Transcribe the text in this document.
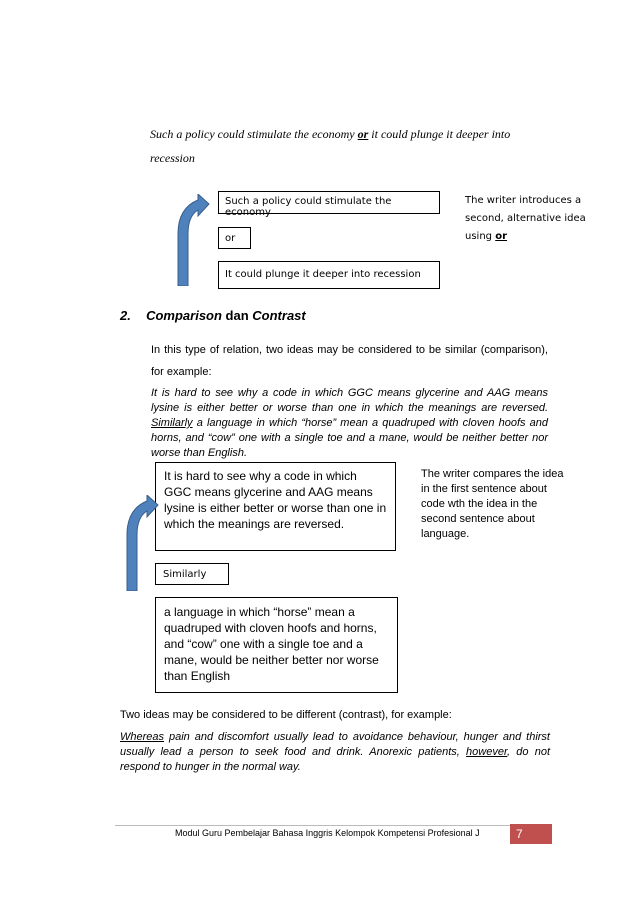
Such a policy could stimulate the economy or it could plunge it deeper into
recession
Such a policy could stimulate the economy
or
It could plunge it deeper into recession
The writer introduces a second, alternative idea using or
2. Comparison dan Contrast
In this type of relation, two ideas may be considered to be similar (comparison), for example:
It is hard to see why a code in which GGC means glycerine and AAG means lysine is either better or worse than one in which the meanings are reversed. Similarly a language in which “horse” mean a quadruped with cloven hoofs and horns, and “cow” one with a single toe and a mane, would be neither better nor worse than English.
It is hard to see why a code in which GGC means glycerine and AAG means lysine is either better or worse than one in which the meanings are reversed.
Similarly
a language in which “horse” mean a quadruped with cloven hoofs and horns, and “cow” one with a single toe and a mane, would be neither better nor worse than English
The writer compares the idea in the first sentence about code wth the idea in the second sentence about language.
Two ideas may be considered to be different (contrast), for example:
Whereas pain and discomfort usually lead to avoidance behaviour, hunger and thirst usually lead a person to seek food and drink. Anorexic patients, however, do not respond to hunger in the normal way.
Modul Guru Pembelajar Bahasa Inggris Kelompok Kompetensi Profesional J	7
